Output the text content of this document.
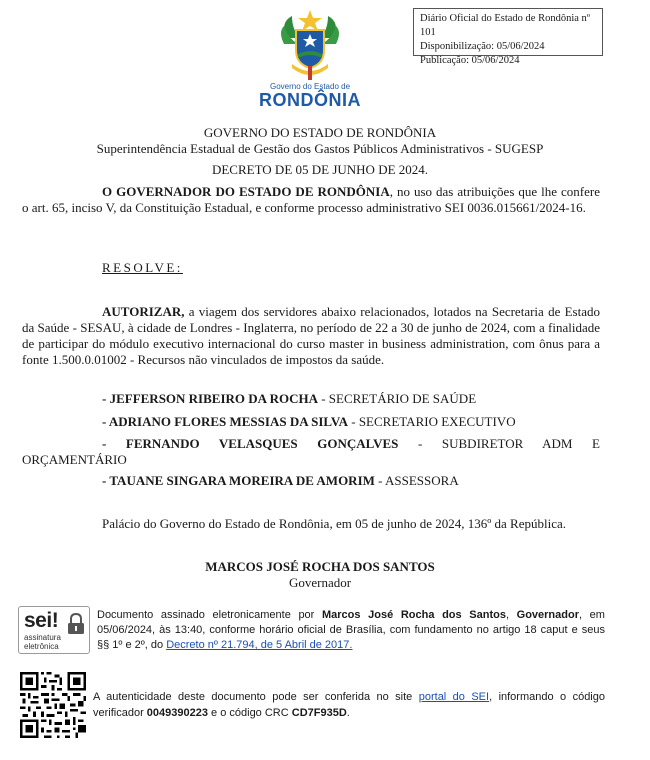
Diário Oficial do Estado de Rondônia nº 101
Disponibilização: 05/06/2024
Publicação: 05/06/2024
Governo do Estado de
RONDÔNIA
GOVERNO DO ESTADO DE RONDÔNIA
Superintendência Estadual de Gestão dos Gastos Públicos Administrativos - SUGESP
DECRETO DE 05 DE JUNHO DE 2024.
O GOVERNADOR DO ESTADO DE RONDÔNIA, no uso das atribuições que lhe confere o art. 65, inciso V, da Constituição Estadual, e conforme processo administrativo SEI 0036.015661/2024-16.
RESOLVE:
AUTORIZAR, a viagem dos servidores abaixo relacionados, lotados na Secretaria de Estado da Saúde - SESAU, à cidade de Londres - Inglaterra, no período de 22 a 30 de junho de 2024, com a finalidade de participar do módulo executivo internacional do curso master in business administration, com ônus para a fonte 1.500.0.01002 - Recursos não vinculados de impostos da saúde.
- JEFFERSON RIBEIRO DA ROCHA - SECRETÁRIO DE SAÚDE
- ADRIANO FLORES MESSIAS DA SILVA - SECRETARIO EXECUTIVO
- FERNANDO VELASQUES GONÇALVES - SUBDIRETOR ADM E ORÇAMENTÁRIO
- TAUANE SINGARA MOREIRA DE AMORIM - ASSESSORA
Palácio do Governo do Estado de Rondônia, em 05 de junho de 2024, 136º da República.
MARCOS JOSÉ ROCHA DOS SANTOS
Governador
sei!
assinatura
eletrônica
Documento assinado eletronicamente por Marcos José Rocha dos Santos, Governador, em 05/06/2024, às 13:40, conforme horário oficial de Brasília, com fundamento no artigo 18 caput e seus §§ 1º e 2º, do Decreto nº 21.794, de 5 Abril de 2017.
A autenticidade deste documento pode ser conferida no site portal do SEI, informando o código verificador 0049390223 e o código CRC CD7F935D.
